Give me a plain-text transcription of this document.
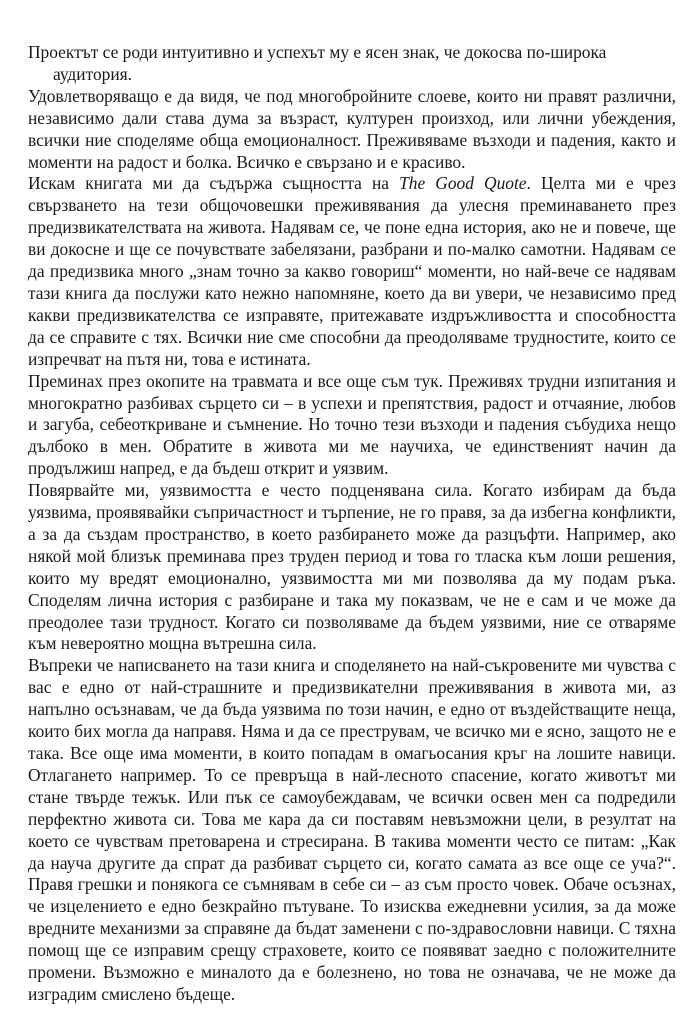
Проектът се роди интуитивно и успехът му е ясен знак, че докосва по-широка
аудитория.

Удовлетворяващо е да видя, че под многобройните слоеве, които ни правят различни, независимо дали става дума за възраст, културен произход, или лични убеждения, всички ние споделяме обща емоционалност. Преживяваме възходи и падения, както и моменти на радост и болка. Всичко е свързано и е красиво.

Искам книгата ми да съдържа същността на The Good Quote. Целта ми е чрез свързването на тези общочовешки преживявания да улесня преминаването през предизвикателствата на живота. Надявам се, че поне една история, ако не и повече, ще ви докосне и ще се почувствате забелязани, разбрани и по-малко самотни. Надявам се да предизвика много „знам точно за какво говориш“ моменти, но най-вече се надявам тази книга да послужи като нежно напомняне, което да ви увери, че независимо пред какви предизвикателства се изправяте, притежавате издръжливостта и способността да се справите с тях. Всички ние сме способни да преодоляваме трудностите, които се изпречват на пътя ни, това е истината.

Преминах през окопите на травмата и все още съм тук. Преживях трудни изпитания и многократно разбивах сърцето си – в успехи и препятствия, радост и отчаяние, любов и загуба, себеоткриване и съмнение. Но точно тези възходи и падения събудиха нещо дълбоко в мен. Обратите в живота ми ме научиха, че единственият начин да продължиш напред, е да бъдеш открит и уязвим.

Повярвайте ми, уязвимостта е често подценявана сила. Когато избирам да бъда уязвима, проявявайки съпричастност и търпение, не го правя, за да избегна конфликти, а за да създам пространство, в което разбирането може да разцъфти. Например, ако някой мой близък преминава през труден период и това го тласка към лоши решения, които му вредят емоционално, уязвимостта ми ми позволява да му подам ръка. Споделям лична история с разбиране и така му показвам, че не е сам и че може да преодолее тази трудност. Когато си позволяваме да бъдем уязвими, ние се отваряме към невероятно мощна вътрешна сила.

Въпреки че написването на тази книга и споделянето на най-съкровените ми чувства с вас е едно от най-страшните и предизвикателни преживявания в живота ми, аз напълно осъзнавам, че да бъда уязвима по този начин, е едно от въздействащите неща, които бих могла да направя. Няма и да се преструвам, че всичко ми е ясно, защото не е така. Все още има моменти, в които попадам в омагьосания кръг на лошите навици. Отлагането например. То се превръща в най-лесното спасение, когато животът ми стане твърде тежък. Или пък се самоубеждавам, че всички освен мен са подредили перфектно живота си. Това ме кара да си поставям невъзможни цели, в резултат на което се чувствам претоварена и стресирана. В такива моменти често се питам: „Как да науча другите да спрат да разбиват сърцето си, когато самата аз все още се уча?“. Правя грешки и понякога се съмнявам в себе си – аз съм просто човек. Обаче осъзнах, че изцелението е едно безкрайно пътуване. То изисква ежедневни усилия, за да може вредните механизми за справяне да бъдат заменени с по-здравословни навици. С тяхна помощ ще се изправим срещу страховете, които се появяват заедно с положителните промени. Възможно е миналото да е болезнено, но това не означава, че не може да изградим смислено бъдеще.
